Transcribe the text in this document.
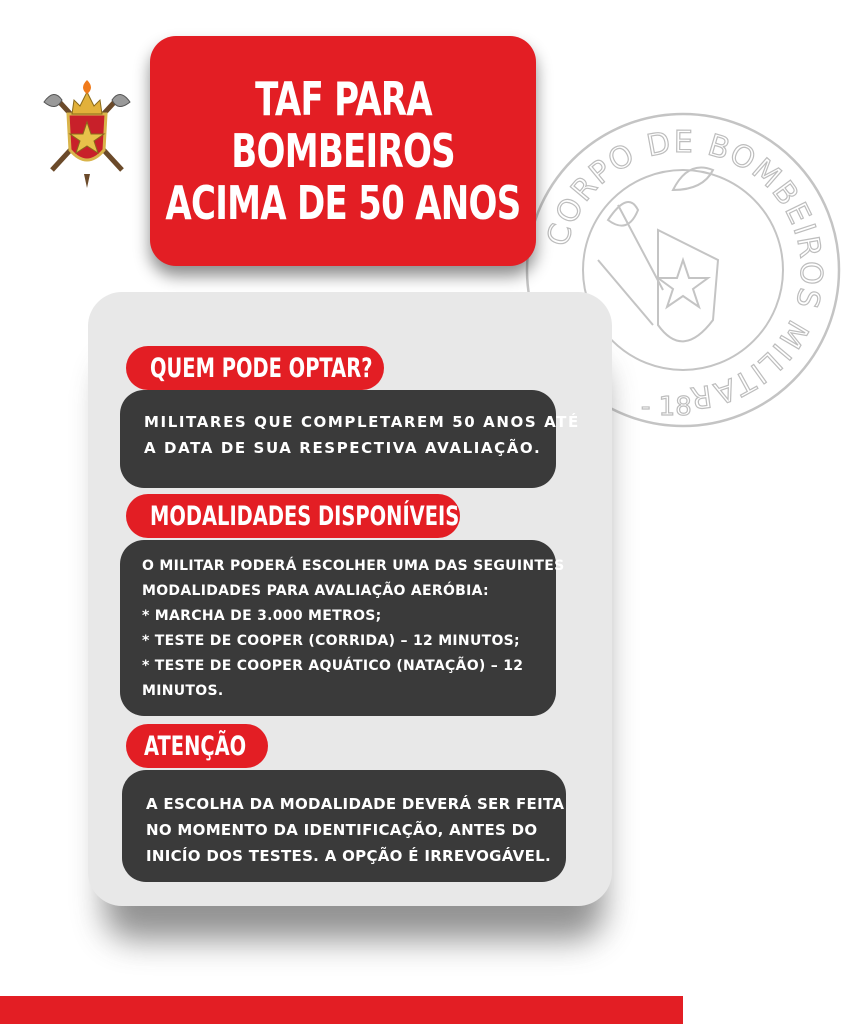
CORPO DE BOMBEIROS MILITAR
- 18
TAF PARA
BOMBEIROS
ACIMA DE 50 ANOS
QUEM PODE OPTAR?
MILITARES QUE COMPLETAREM 50 ANOS ATÉ
A DATA DE SUA RESPECTIVA AVALIAÇÃO.
MODALIDADES DISPONÍVEIS
O MILITAR PODERÁ ESCOLHER UMA DAS SEGUINTES
MODALIDADES PARA AVALIAÇÃO AERÓBIA:
* MARCHA DE 3.000 METROS;
* TESTE DE COOPER (CORRIDA) – 12 MINUTOS;
* TESTE DE COOPER AQUÁTICO (NATAÇÃO) – 12
MINUTOS.
ATENÇÃO
A ESCOLHA DA MODALIDADE DEVERÁ SER FEITA
NO MOMENTO DA IDENTIFICAÇÃO, ANTES DO
INICÍO DOS TESTES. A OPÇÃO É IRREVOGÁVEL.
